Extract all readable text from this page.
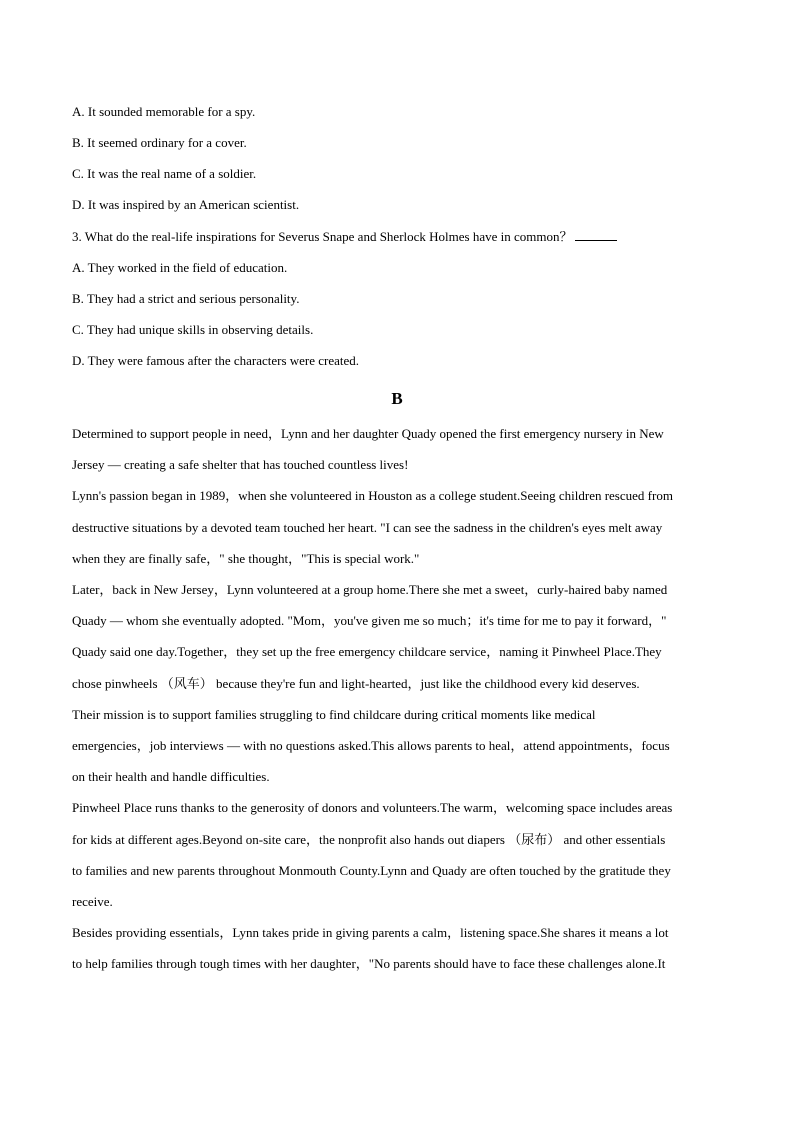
A. It sounded memorable for a spy.
B. It seemed ordinary for a cover.
C. It was the real name of a soldier.
D. It was inspired by an American scientist.
3. What do the real-life inspirations for Severus Snape and Sherlock Holmes have in common？
A. They worked in the field of education.
B. They had a strict and serious personality.
C. They had unique skills in observing details.
D. They were famous after the characters were created.
B
Determined to support people in need，Lynn and her daughter Quady opened the first emergency nursery in New
Jersey — creating a safe shelter that has touched countless lives!
Lynn's passion began in 1989，when she volunteered in Houston as a college student.Seeing children rescued from
destructive situations by a devoted team touched her heart. "I can see the sadness in the children's eyes melt away
when they are finally safe，" she thought，"This is special work."
Later，back in New Jersey，Lynn volunteered at a group home.There she met a sweet，curly-haired baby named
Quady — whom she eventually adopted. "Mom，you've given me so much；it's time for me to pay it forward，"
Quady said one day.Together，they set up the free emergency childcare service，naming it Pinwheel Place.They
chose pinwheels （风车） because they're fun and light-hearted，just like the childhood every kid deserves.
Their mission is to support families struggling to find childcare during critical moments like medical
emergencies，job interviews — with no questions asked.This allows parents to heal，attend appointments，focus
on their health and handle difficulties.
Pinwheel Place runs thanks to the generosity of donors and volunteers.The warm，welcoming space includes areas
for kids at different ages.Beyond on-site care，the nonprofit also hands out diapers （尿布） and other essentials
to families and new parents throughout Monmouth County.Lynn and Quady are often touched by the gratitude they
receive.
Besides providing essentials，Lynn takes pride in giving parents a calm，listening space.She shares it means a lot
to help families through tough times with her daughter，"No parents should have to face these challenges alone.It
